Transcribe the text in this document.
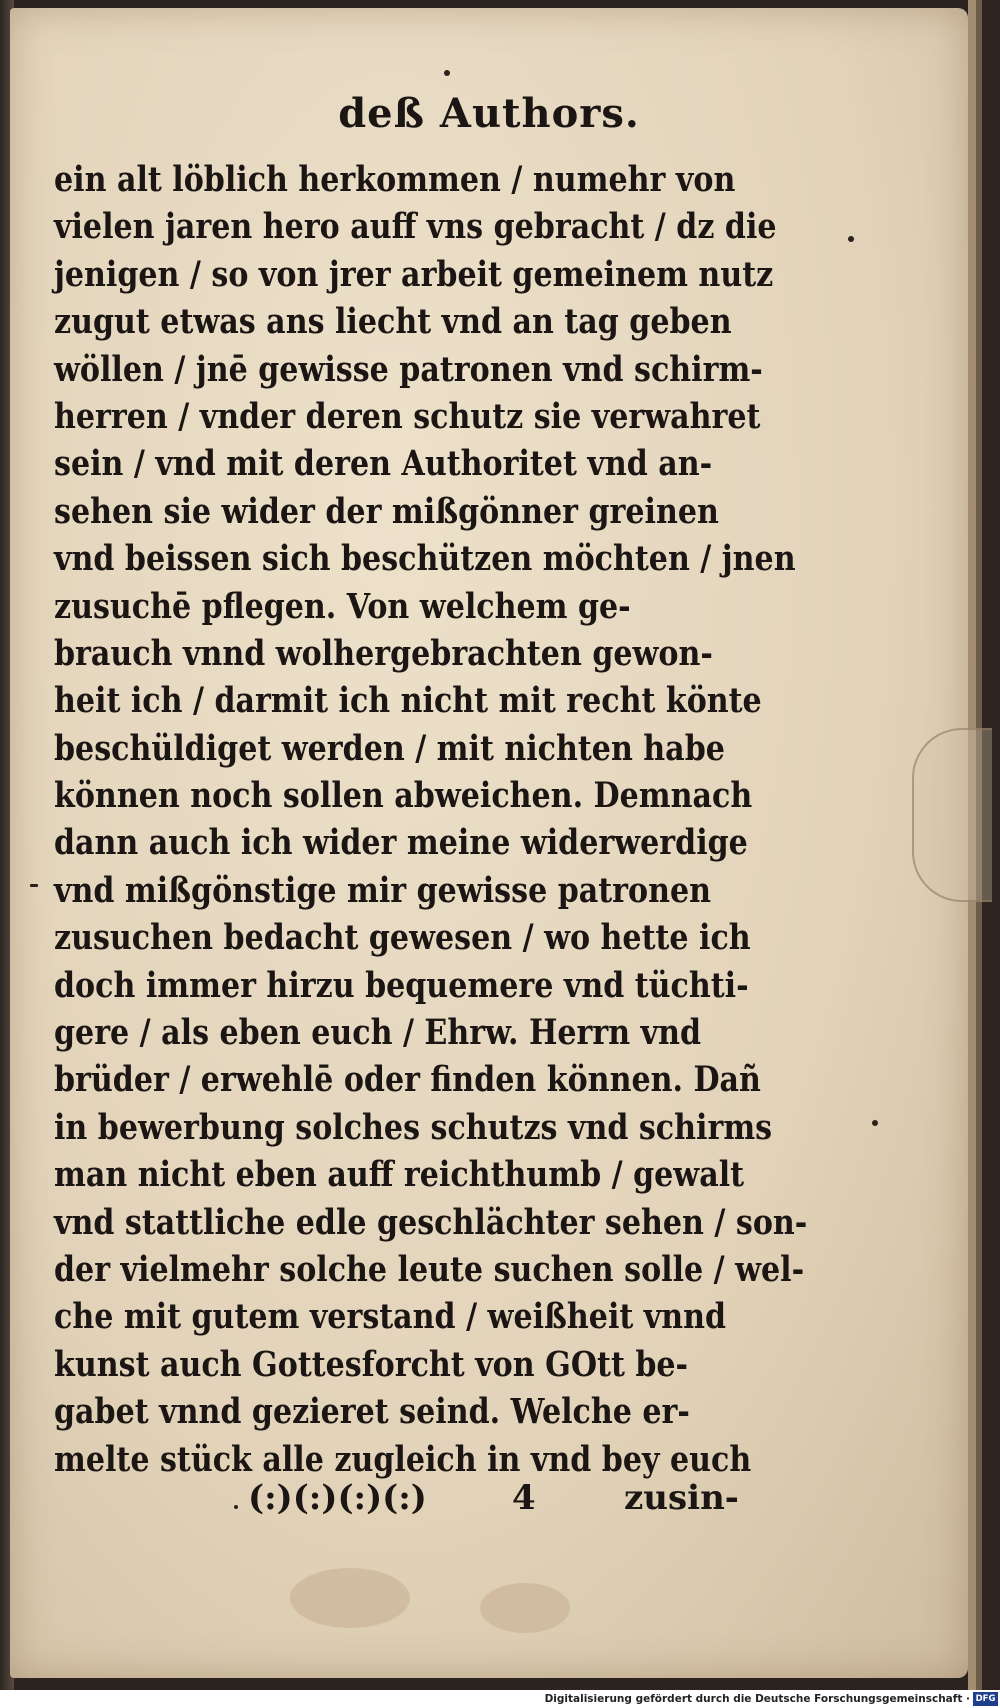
deß Authors.
ein alt löblich herkommen / numehr von
vielen jaren hero auff vns gebracht / dz die
jenigen / so von jrer arbeit gemeinem nutz
zugut etwas ans liecht vnd an tag geben
wöllen / jnē gewisse patronen vnd schirm-
herren / vnder deren schutz sie verwahret
sein / vnd mit deren Authoritet vnd an-
sehen sie wider der mißgönner greinen
vnd beissen sich beschützen möchten / jnen
zusuchē pflegen. Von welchem ge-
brauch vnnd wolhergebrachten gewon-
heit ich / darmit ich nicht mit recht könte
beschüldiget werden / mit nichten habe
können noch sollen abweichen. Demnach
dann auch ich wider meine widerwerdige
vnd mißgönstige mir gewisse patronen
zusuchen bedacht gewesen / wo hette ich
doch immer hirzu bequemere vnd tüchti-
gere / als eben euch / Ehrw. Herrn vnd
brüder / erwehlē oder finden können. Dañ
in bewerbung solches schutzs vnd schirms
man nicht eben auff reichthumb / gewalt
vnd stattliche edle geschlächter sehen / son-
der vielmehr solche leute suchen solle / wel-
che mit gutem verstand / weißheit vnnd
kunst auch Gottesforcht von GOtt be-
gabet vnnd gezieret seind. Welche er-
melte stück alle zugleich in vnd bey euch
(:)(:)(:)(:)	4	zusin-
Digitalisierung gefördert durch die Deutsche Forschungsgemeinschaft · DFG
